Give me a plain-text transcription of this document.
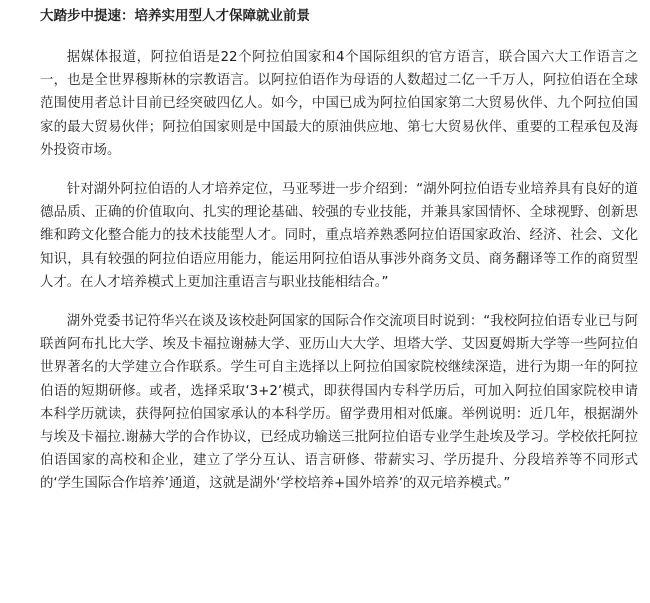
大踏步中提速：培养实用型人才保障就业前景

据媒体报道，阿拉伯语是22个阿拉伯国家和4个国际组织的官方语言，联合国六大工作语言之一，也是全世界穆斯林的宗教语言。以阿拉伯语作为母语的人数超过二亿一千万人，阿拉伯语在全球范围使用者总计目前已经突破四亿人。如今，中国已成为阿拉伯国家第二大贸易伙伴、九个阿拉伯国家的最大贸易伙伴；阿拉伯国家则是中国最大的原油供应地、第七大贸易伙伴、重要的工程承包及海外投资市场。

针对湖外阿拉伯语的人才培养定位，马亚琴进一步介绍到：“湖外阿拉伯语专业培养具有良好的道德品质、正确的价值取向、扎实的理论基础、较强的专业技能，并兼具家国情怀、全球视野、创新思维和跨文化整合能力的技术技能型人才。同时，重点培养熟悉阿拉伯语国家政治、经济、社会、文化知识，具有较强的阿拉伯语应用能力，能运用阿拉伯语从事涉外商务文员、商务翻译等工作的商贸型人才。在人才培养模式上更加注重语言与职业技能相结合。”

湖外党委书记符华兴在谈及该校赴阿国家的国际合作交流项目时说到：“我校阿拉伯语专业已与阿联酋阿布扎比大学、埃及卡福拉谢赫大学、亚历山大大学、坦塔大学、艾因夏姆斯大学等一些阿拉伯世界著名的大学建立合作联系。学生可自主选择以上阿拉伯国家院校继续深造，进行为期一年的阿拉伯语的短期研修。或者，选择采取‘3+2’模式，即获得国内专科学历后，可加入阿拉伯国家院校申请本科学历就读，获得阿拉伯国家承认的本科学历。留学费用相对低廉。举例说明：近几年，根据湖外与埃及卡福拉.谢赫大学的合作协议，已经成功输送三批阿拉伯语专业学生赴埃及学习。学校依托阿拉伯语国家的高校和企业，建立了学分互认、语言研修、带薪实习、学历提升、分段培养等不同形式的‘学生国际合作培养’通道，这就是湖外‘学校培养+国外培养’的双元培养模式。”
